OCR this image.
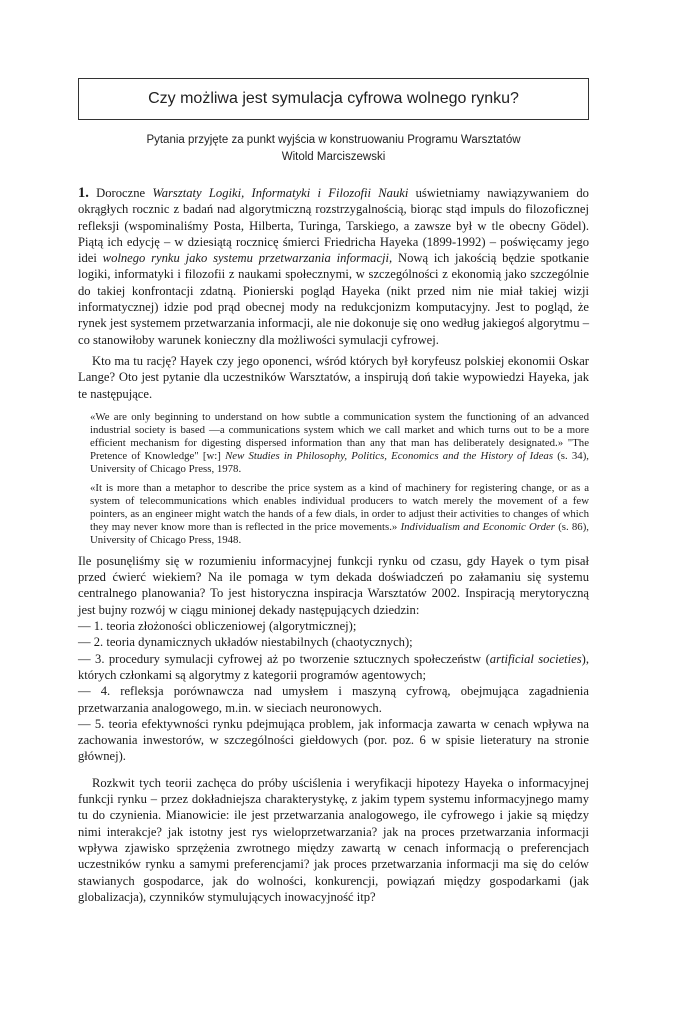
Czy możliwa jest symulacja cyfrowa wolnego rynku?
Pytania przyjęte za punkt wyjścia w konstruowaniu Programu Warsztatów
Witold Marciszewski

1. Doroczne Warsztaty Logiki, Informatyki i Filozofii Nauki uświetniamy nawiązywaniem do okrągłych rocznic z badań nad algorytmiczną rozstrzygalnością, biorąc stąd impuls do filozoficznej refleksji (wspominaliśmy Posta, Hilberta, Turinga, Tarskiego, a zawsze był w tle obecny Gödel). Piątą ich edycję – w dziesiątą rocznicę śmierci Friedricha Hayeka (1899-1992) – poświęcamy jego idei wolnego rynku jako systemu przetwarzania informacji, Nową ich jakością będzie spotkanie logiki, informatyki i filozofii z naukami społecznymi, w szczególności z ekonomią jako szczególnie do takiej konfrontacji zdatną. Pionierski pogląd Hayeka (nikt przed nim nie miał takiej wizji informatycznej) idzie pod prąd obecnej mody na redukcjonizm komputacyjny. Jest to pogląd, że rynek jest systemem przetwarzania informacji, ale nie dokonuje się ono według jakiegoś algorytmu – co stanowiłoby warunek konieczny dla możliwości symulacji cyfrowej.

Kto ma tu rację? Hayek czy jego oponenci, wśród których był koryfeusz polskiej ekonomii Oskar Lange? Oto jest pytanie dla uczestników Warsztatów, a inspirują doń takie wypowiedzi Hayeka, jak te następujące.

«We are only beginning to understand on how subtle a communication system the functioning of an advanced industrial society is based —a communications system which we call market and which turns out to be a more efficient mechanism for digesting dispersed information than any that man has deliberately designated.» "The Pretence of Knowledge" [w:] New Studies in Philosophy, Politics, Economics and the History of Ideas (s. 34), University of Chicago Press, 1978.

«It is more than a metaphor to describe the price system as a kind of machinery for registering change, or as a system of telecommunications which enables individual producers to watch merely the movement of a few pointers, as an engineer might watch the hands of a few dials, in order to adjust their activities to changes of which they may never know more than is reflected in the price movements.» Individualism and Economic Order (s. 86), University of Chicago Press, 1948.

Ile posunęliśmy się w rozumieniu informacyjnej funkcji rynku od czasu, gdy Hayek o tym pisał przed ćwierć wiekiem? Na ile pomaga w tym dekada doświadczeń po załamaniu się systemu centralnego planowania? To jest historyczna inspiracja Warsztatów 2002. Inspiracją merytoryczną jest bujny rozwój w ciągu minionej dekady następujących dziedzin:
— 1. teoria złożoności obliczeniowej (algorytmicznej);
— 2. teoria dynamicznych układów niestabilnych (chaotycznych);
— 3. procedury symulacji cyfrowej aż po tworzenie sztucznych społeczeństw (artificial societies), których członkami są algorytmy z kategorii programów agentowych;
— 4. refleksja porównawcza nad umysłem i maszyną cyfrową, obejmująca zagadnienia przetwarzania analogowego, m.in. w sieciach neuronowych.
— 5. teoria efektywności rynku pdejmująca problem, jak informacja zawarta w cenach wpływa na zachowania inwestorów, w szczególności giełdowych (por. poz. 6 w spisie lieteratury na stronie głównej).

Rozkwit tych teorii zachęca do próby uściślenia i weryfikacji hipotezy Hayeka o informacyjnej funkcji rynku – przez dokładniejsza charakterystykę, z jakim typem systemu informacyjnego mamy tu do czynienia. Mianowicie: ile jest przetwarzania analogowego, ile cyfrowego i jakie są między nimi interakcje? jak istotny jest rys wieloprzetwarzania? jak na proces przetwarzania informacji wpływa zjawisko sprzężenia zwrotnego między zawartą w cenach informacją o preferencjach uczestników rynku a samymi preferencjami? jak proces przetwarzania informacji ma się do celów stawianych gospodarce, jak do wolności, konkurencji, powiązań między gospodarkami (jak globalizacja), czynników stymulujących inowacyjność itp?
